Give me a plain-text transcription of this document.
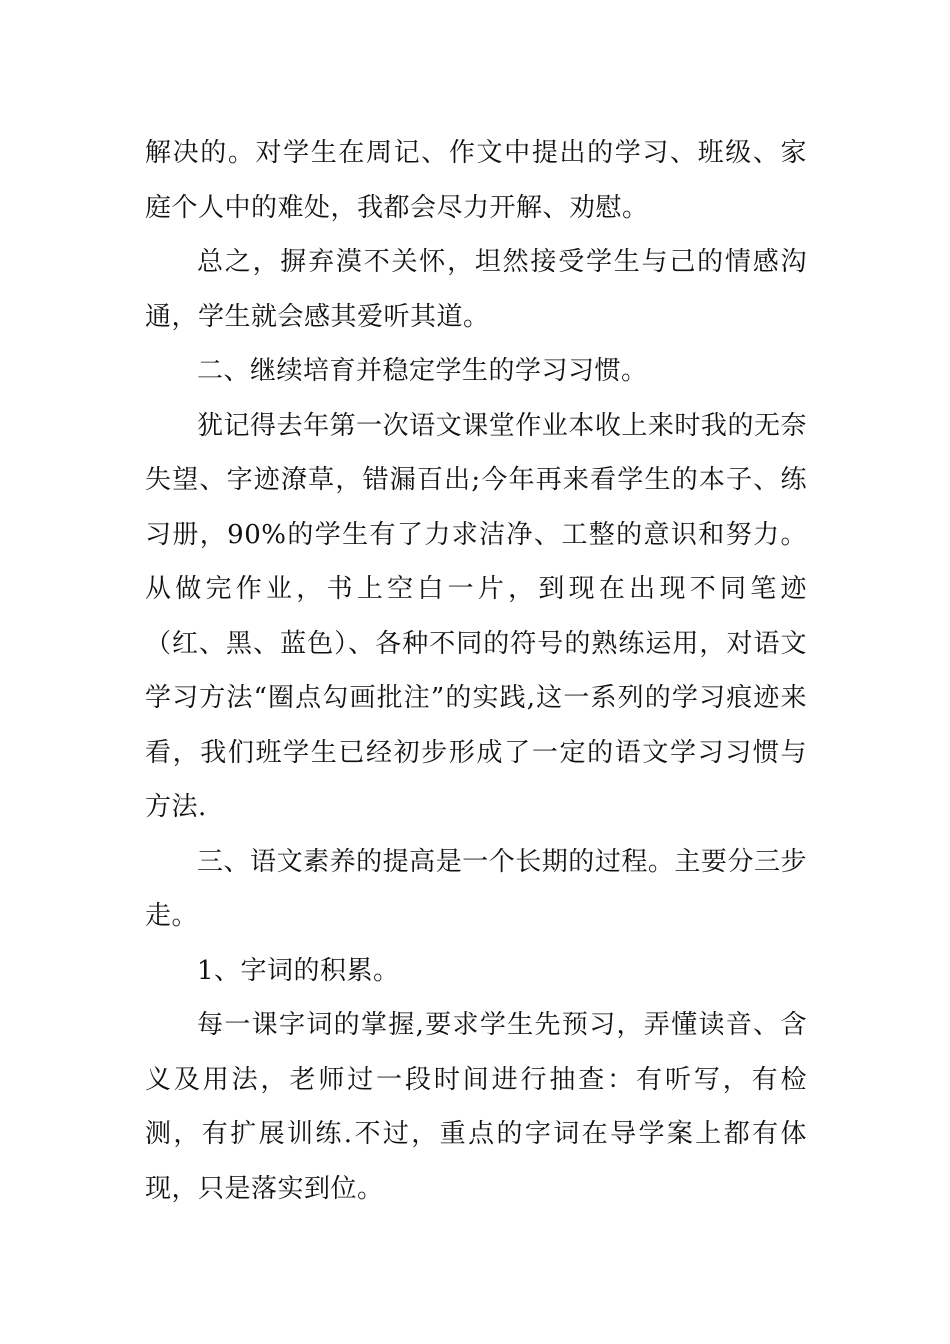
解决的。对学生在周记、作文中提出的学习、班级、家庭个人中的难处，我都会尽力开解、劝慰。

总之，摒弃漠不关怀，坦然接受学生与己的情感沟通，学生就会感其爱听其道。

二、继续培育并稳定学生的学习习惯。

犹记得去年第一次语文课堂作业本收上来时我的无奈失望、字迹潦草，错漏百出;今年再来看学生的本子、练习册，90%的学生有了力求洁净、工整的意识和努力。从做完作业，书上空白一片，到现在出现不同笔迹（红、黑、蓝色）、各种不同的符号的熟练运用，对语文学习方法“圈点勾画批注”的实践,这一系列的学习痕迹来看，我们班学生已经初步形成了一定的语文学习习惯与方法.

三、语文素养的提高是一个长期的过程。主要分三步走。

1、字词的积累。

每一课字词的掌握,要求学生先预习，弄懂读音、含义及用法，老师过一段时间进行抽查：有听写，有检测，有扩展训练.不过，重点的字词在导学案上都有体现，只是落实到位。
